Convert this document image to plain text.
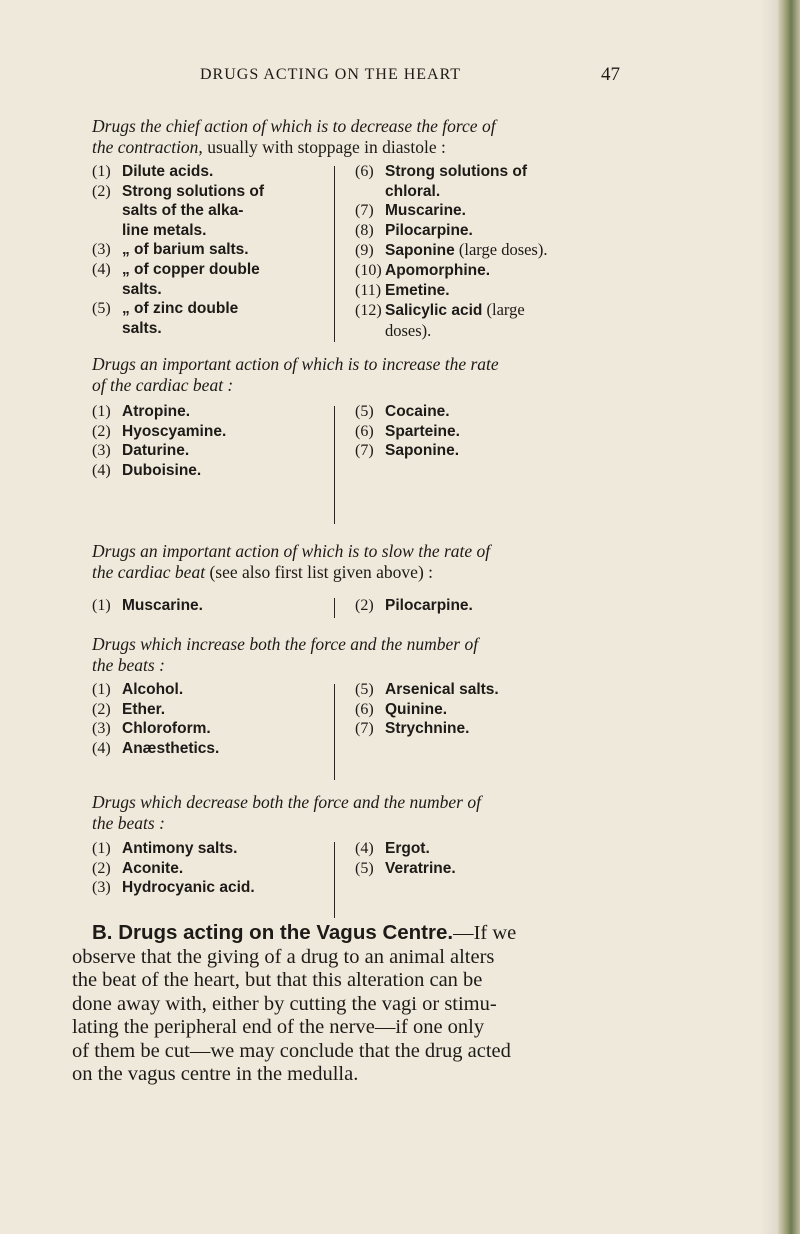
DRUGS ACTING ON THE HEART	47
Drugs the chief action of which is to decrease the force of
the contraction, usually with stoppage in diastole :
(1) Dilute acids.
(2) Strong solutions of
salts of the alka-
line metals.
(3) „ of barium salts.
(4) „ of copper double
salts.
(5) „ of zinc double
salts.
(6) Strong solutions of
chloral.
(7) Muscarine.
(8) Pilocarpine.
(9) Saponine (large doses).
(10) Apomorphine.
(11) Emetine.
(12) Salicylic acid (large
doses).
Drugs an important action of which is to increase the rate
of the cardiac beat :
(1) Atropine.
(2) Hyoscyamine.
(3) Daturine.
(4) Duboisine.
(5) Cocaine.
(6) Sparteine.
(7) Saponine.
Drugs an important action of which is to slow the rate of
the cardiac beat (see also first list given above) :
(1) Muscarine.	(2) Pilocarpine.
Drugs which increase both the force and the number of
the beats :
(1) Alcohol.
(2) Ether.
(3) Chloroform.
(4) Anæsthetics.
(5) Arsenical salts.
(6) Quinine.
(7) Strychnine.
Drugs which decrease both the force and the number of
the beats :
(1) Antimony salts.
(2) Aconite.
(3) Hydrocyanic acid.
(4) Ergot.
(5) Veratrine.
B. Drugs acting on the Vagus Centre.—If we
observe that the giving of a drug to an animal alters
the beat of the heart, but that this alteration can be
done away with, either by cutting the vagi or stimu-
lating the peripheral end of the nerve—if one only
of them be cut—we may conclude that the drug acted
on the vagus centre in the medulla.
